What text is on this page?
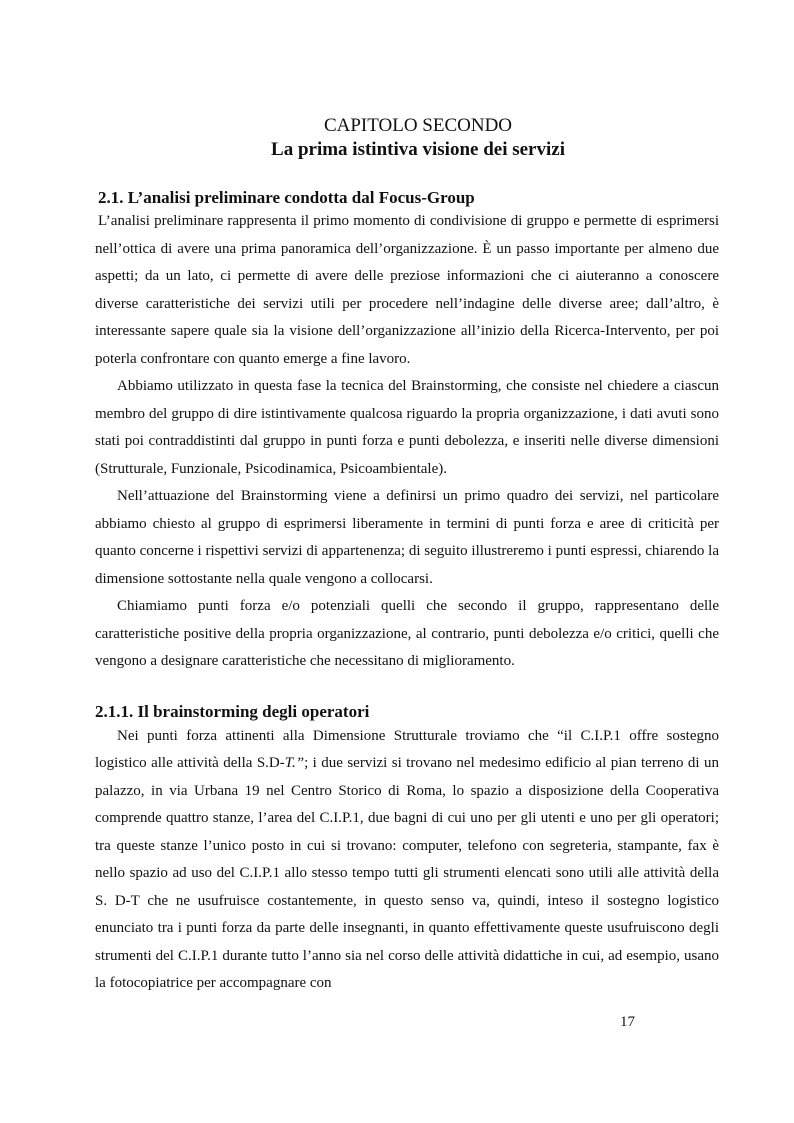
CAPITOLO SECONDO

La prima istintiva visione dei servizi

2.1. L’analisi preliminare condotta dal Focus-Group

L’analisi preliminare rappresenta il primo momento di condivisione di gruppo e permette di esprimersi nell’ottica di avere una prima panoramica dell’organizzazione. È un passo importante per almeno due aspetti; da un lato, ci permette di avere delle preziose informazioni che ci aiuteranno a conoscere diverse caratteristiche dei servizi utili per procedere nell’indagine delle diverse aree; dall’altro, è interessante sapere quale sia la visione dell’organizzazione all’inizio della Ricerca-Intervento, per poi poterla confrontare con quanto emerge a fine lavoro.

Abbiamo utilizzato in questa fase la tecnica del Brainstorming, che consiste nel chiedere a ciascun membro del gruppo di dire istintivamente qualcosa riguardo la propria organizzazione, i dati avuti sono stati poi contraddistinti dal gruppo in punti forza e punti debolezza, e inseriti nelle diverse dimensioni (Strutturale, Funzionale, Psicodinamica, Psicoambientale).

Nell’attuazione del Brainstorming viene a definirsi un primo quadro dei servizi, nel particolare abbiamo chiesto al gruppo di esprimersi liberamente in termini di punti forza e aree di criticità per quanto concerne i rispettivi servizi di appartenenza; di seguito illustreremo i punti espressi, chiarendo la dimensione sottostante nella quale vengono a collocarsi.

Chiamiamo punti forza e/o potenziali quelli che secondo il gruppo, rappresentano delle caratteristiche positive della propria organizzazione, al contrario, punti debolezza e/o critici, quelli che vengono a designare caratteristiche che necessitano di miglioramento.

2.1.1. Il brainstorming degli operatori

Nei punti forza attinenti alla Dimensione Strutturale troviamo che “il C.I.P.1 offre sostegno logistico alle attività della S.D-T.”; i due servizi si trovano nel medesimo edificio al pian terreno di un palazzo, in via Urbana 19 nel Centro Storico di Roma, lo spazio a disposizione della Cooperativa comprende quattro stanze, l’area del C.I.P.1, due bagni di cui uno per gli utenti e uno per gli operatori; tra queste stanze l’unico posto in cui si trovano: computer, telefono con segreteria, stampante, fax è nello spazio ad uso del C.I.P.1 allo stesso tempo tutti gli strumenti elencati sono utili alle attività della S. D-T che ne usufruisce costantemente, in questo senso va, quindi, inteso il sostegno logistico enunciato tra i punti forza da parte delle insegnanti, in quanto effettivamente queste usufruiscono degli strumenti del C.I.P.1 durante tutto l’anno sia nel corso delle attività didattiche in cui, ad esempio, usano la fotocopiatrice per accompagnare con

17
